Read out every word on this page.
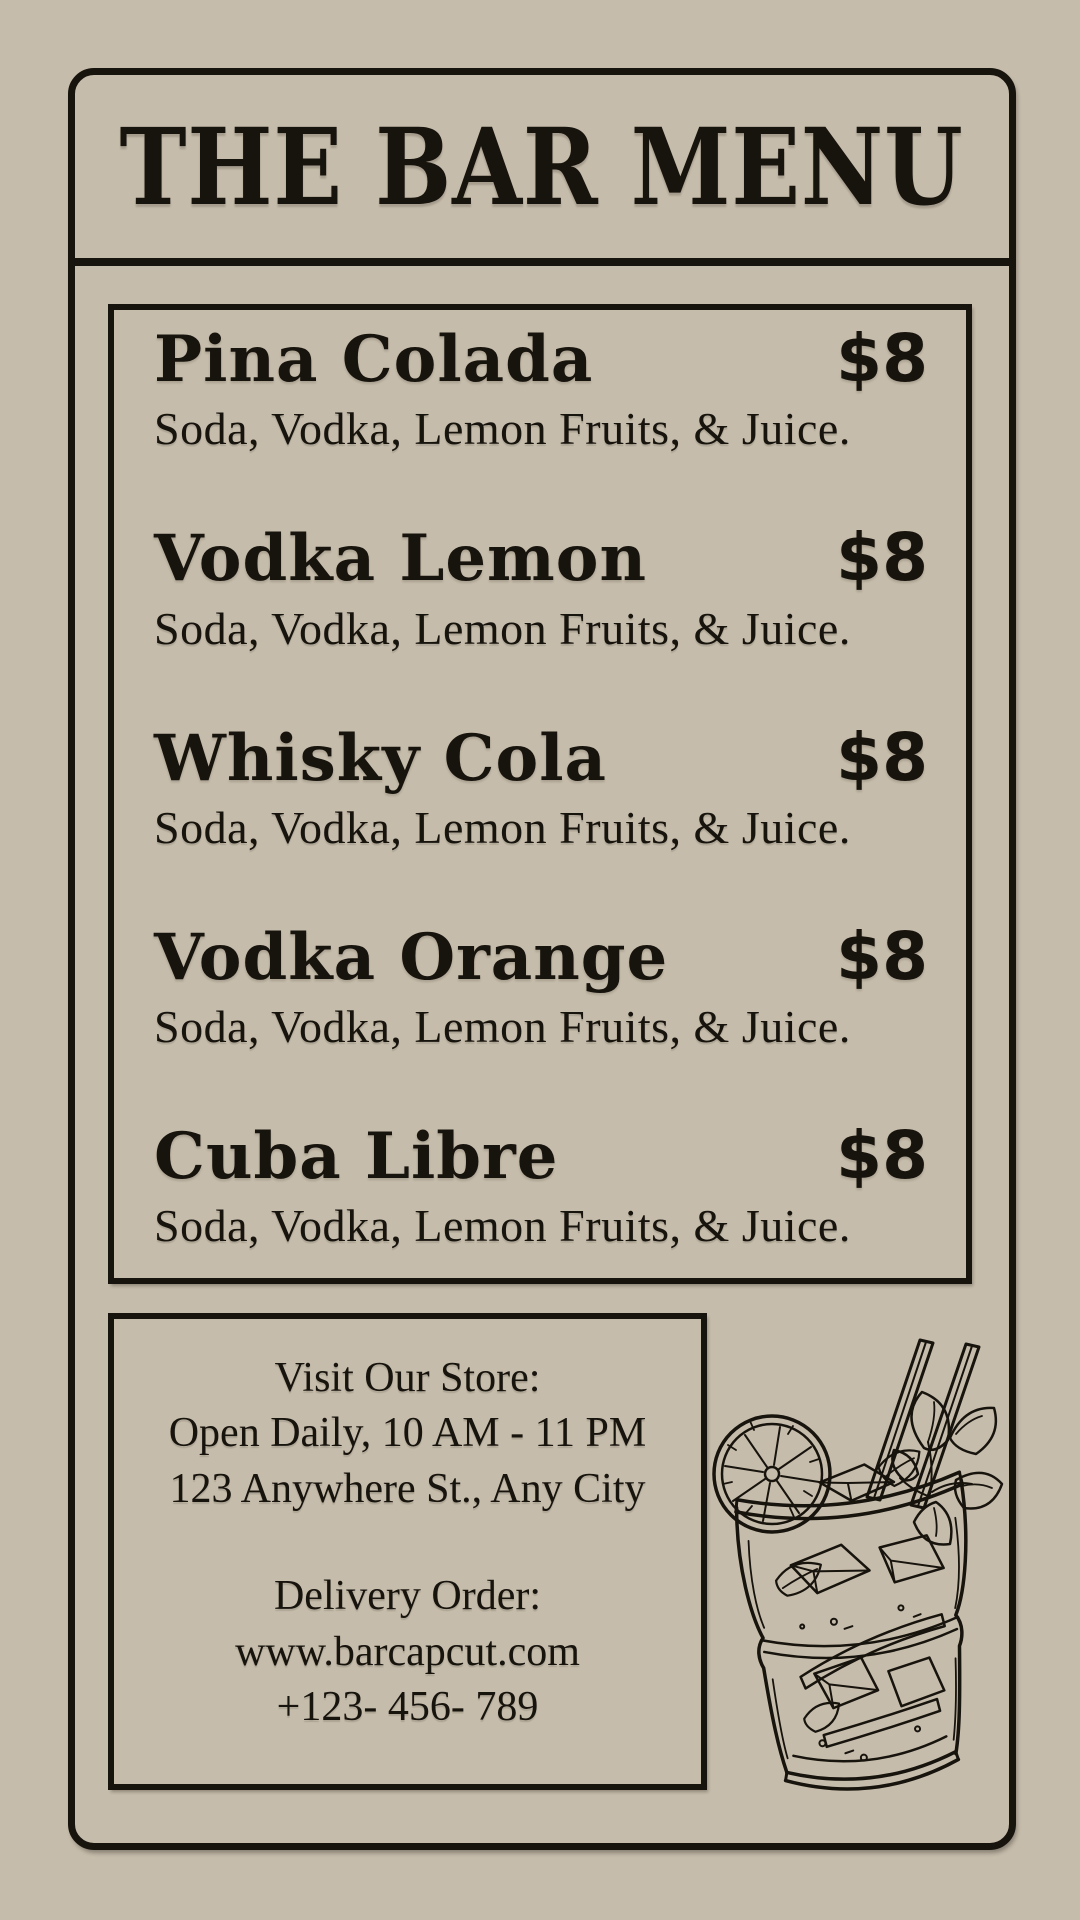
THE BAR MENU
Pina Colada	$8
Soda, Vodka, Lemon Fruits, & Juice.
Vodka Lemon	$8
Soda, Vodka, Lemon Fruits, & Juice.
Whisky Cola	$8
Soda, Vodka, Lemon Fruits, & Juice.
Vodka Orange	$8
Soda, Vodka, Lemon Fruits, & Juice.
Cuba Libre	$8
Soda, Vodka, Lemon Fruits, & Juice.
Visit Our Store:
Open Daily, 10 AM - 11 PM
123 Anywhere St., Any City
Delivery Order:
www.barcapcut.com
+123- 456- 789
